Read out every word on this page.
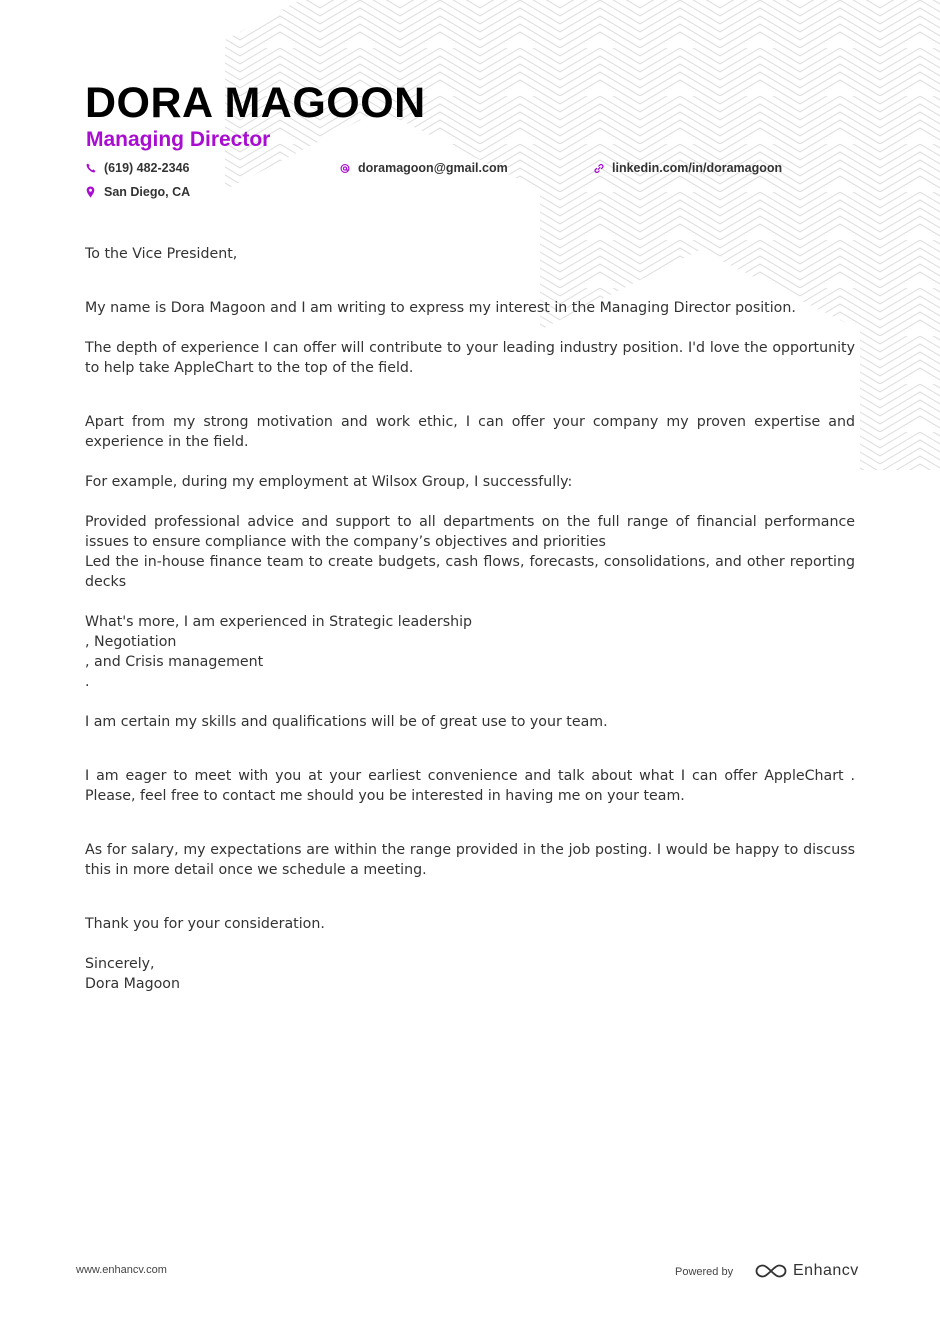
DORA MAGOON
Managing Director
(619) 482-2346	doramagoon@gmail.com	linkedin.com/in/doramagoon
San Diego, CA

To the Vice President,

My name is Dora Magoon and I am writing to express my interest in the Managing Director position.

The depth of experience I can offer will contribute to your leading industry position. I'd love the opportunity to help take AppleChart to the top of the field.

Apart from my strong motivation and work ethic, I can offer your company my proven expertise and experience in the field.

For example, during my employment at Wilsox Group, I successfully:

Provided professional advice and support to all departments on the full range of financial performance issues to ensure compliance with the company’s objectives and priorities

Led the in-house finance team to create budgets, cash flows, forecasts, consolidations, and other reporting decks

What's more, I am experienced in Strategic leadership

, Negotiation

, and Crisis management

.

I am certain my skills and qualifications will be of great use to your team.

I am eager to meet with you at your earliest convenience and talk about what I can offer AppleChart . Please, feel free to contact me should you be interested in having me on your team.

As for salary, my expectations are within the range provided in the job posting. I would be happy to discuss this in more detail once we schedule a meeting.

Thank you for your consideration.

Sincerely,

Dora Magoon

www.enhancv.com	Powered by	Enhancv
